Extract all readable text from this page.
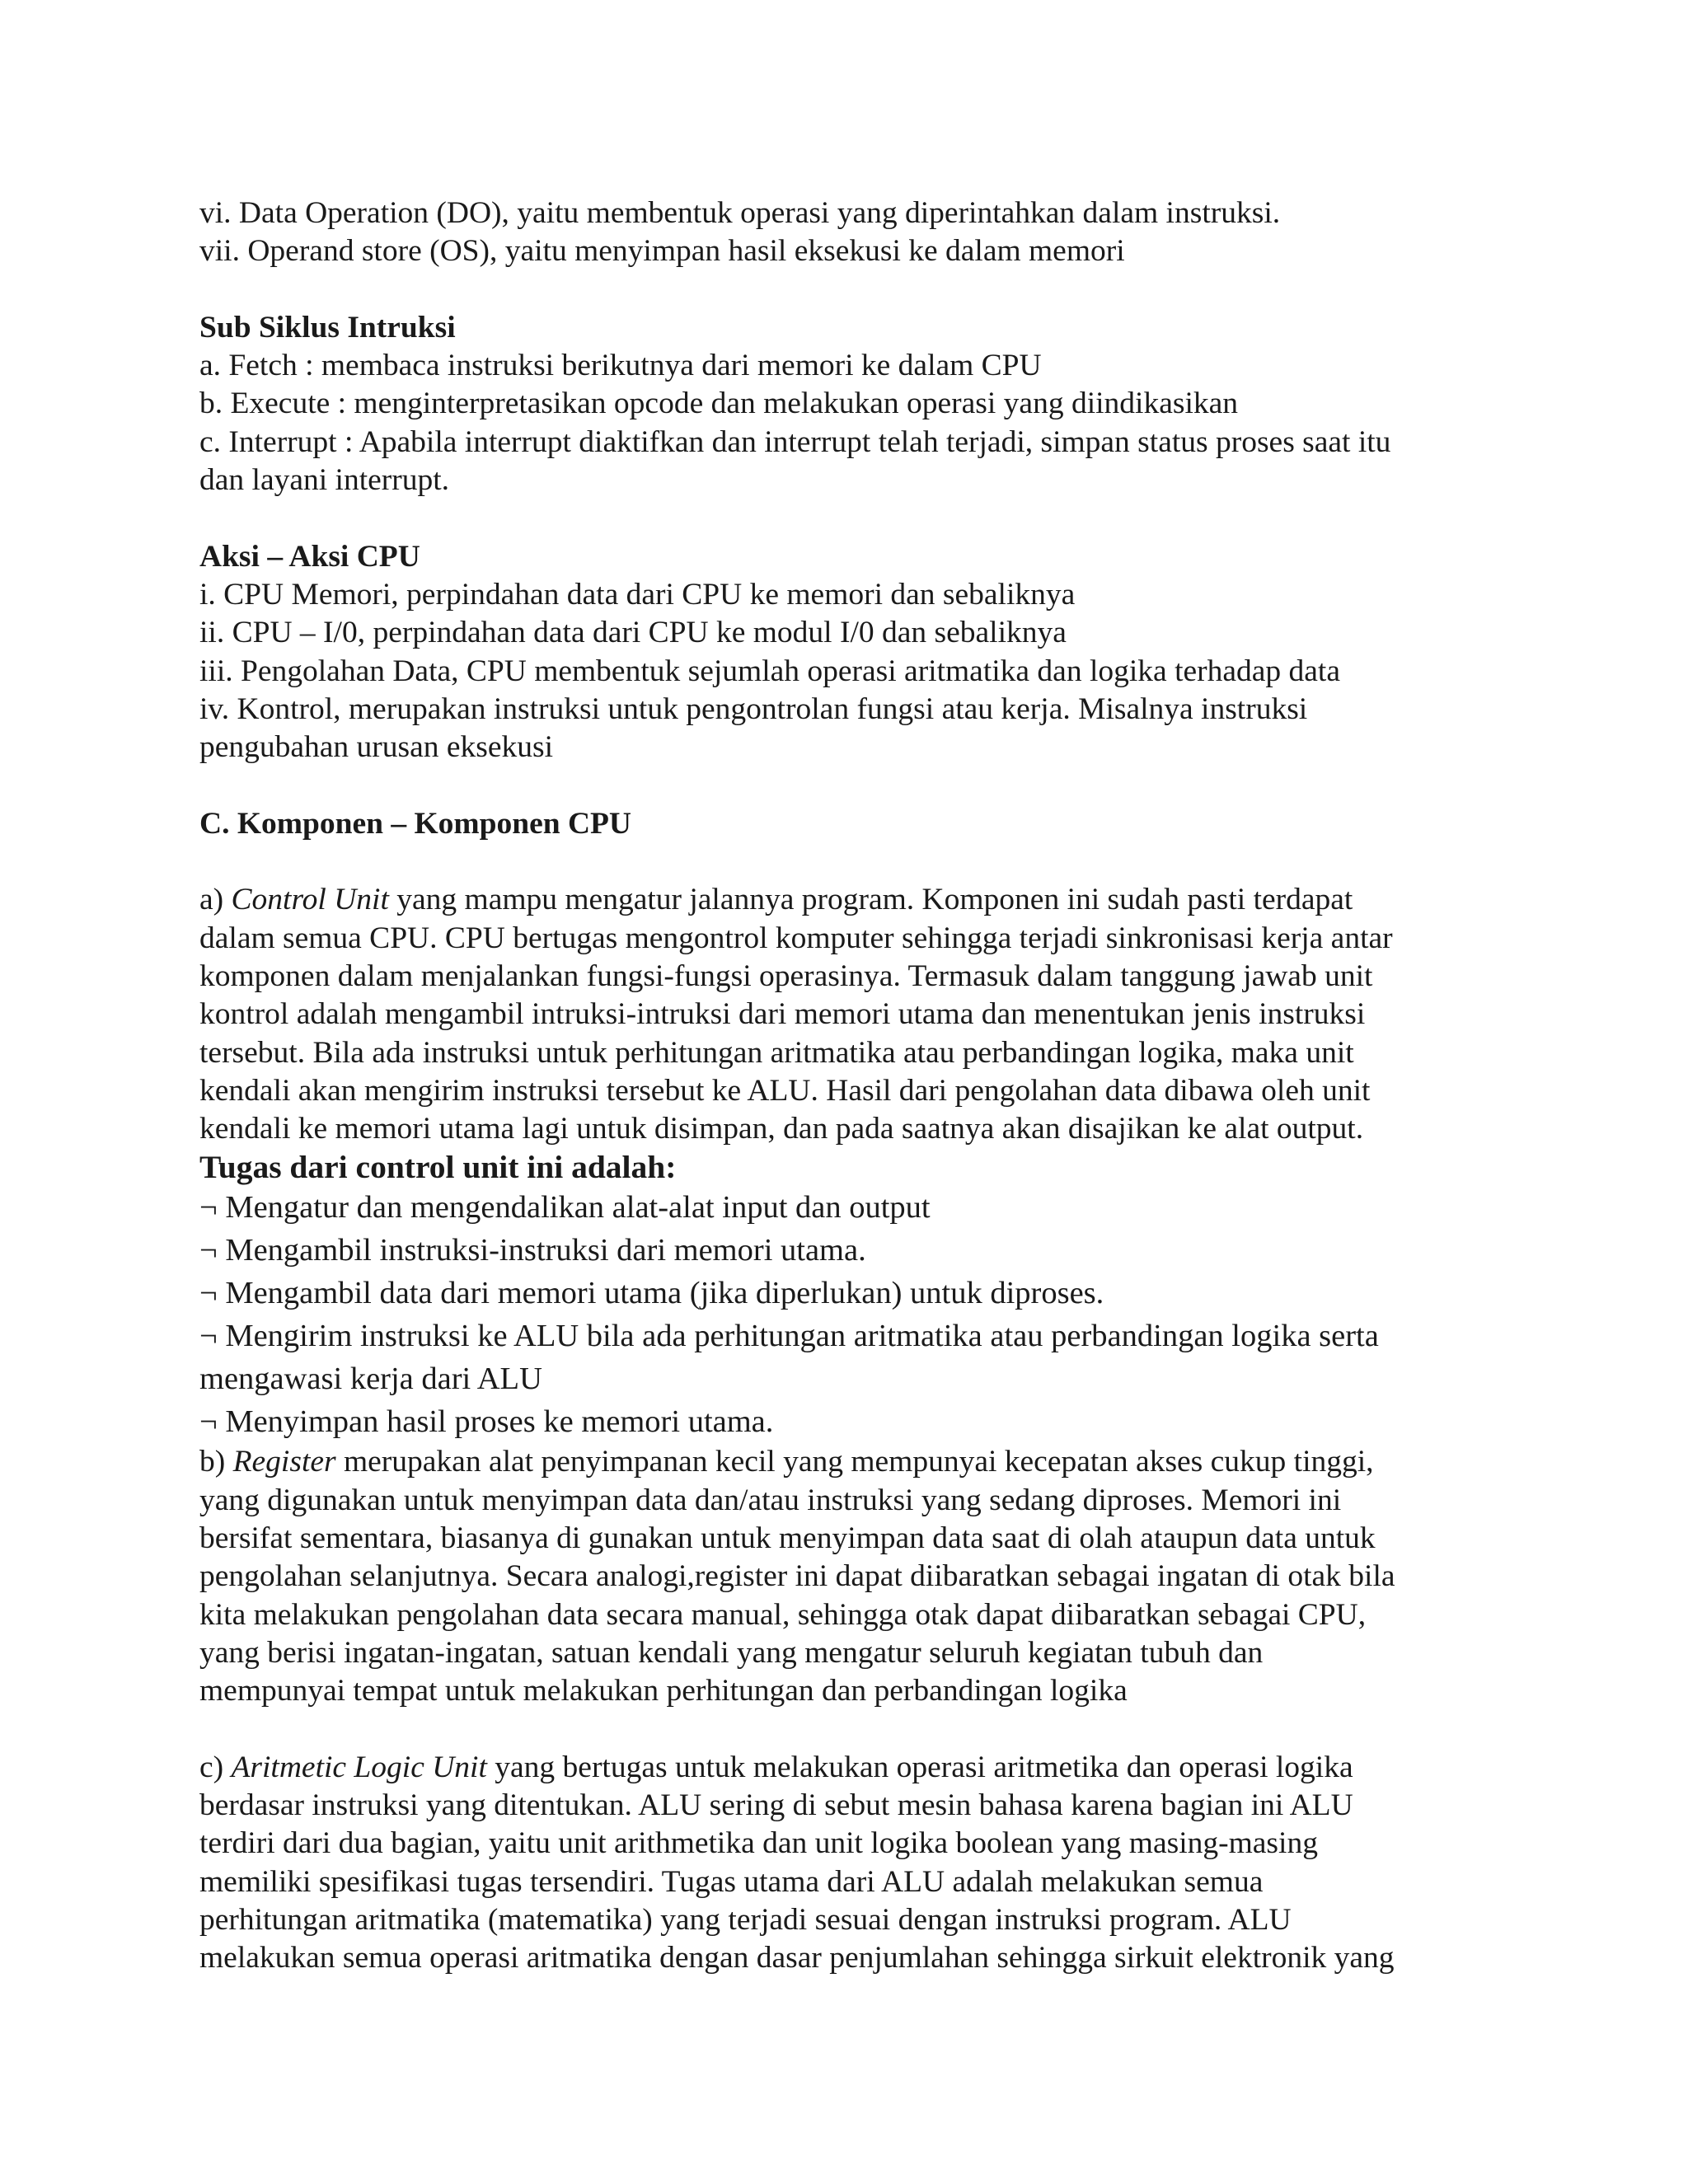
vi. Data Operation (DO), yaitu membentuk operasi yang diperintahkan dalam instruksi.

vii. Operand store (OS), yaitu menyimpan hasil eksekusi ke dalam memori

Sub Siklus Intruksi

a. Fetch : membaca instruksi berikutnya dari memori ke dalam CPU

b. Execute : menginterpretasikan opcode dan melakukan operasi yang diindikasikan

c. Interrupt : Apabila interrupt diaktifkan dan interrupt telah terjadi, simpan status proses saat itu

dan layani interrupt.

Aksi – Aksi CPU

i. CPU Memori, perpindahan data dari CPU ke memori dan sebaliknya

ii. CPU – I/0, perpindahan data dari CPU ke modul I/0 dan sebaliknya

iii. Pengolahan Data, CPU membentuk sejumlah operasi aritmatika dan logika terhadap data

iv. Kontrol, merupakan instruksi untuk pengontrolan fungsi atau kerja. Misalnya instruksi

pengubahan urusan eksekusi

C. Komponen – Komponen CPU

a) Control Unit yang mampu mengatur jalannya program. Komponen ini sudah pasti terdapat

dalam semua CPU. CPU bertugas mengontrol komputer sehingga terjadi sinkronisasi kerja antar

komponen dalam menjalankan fungsi-fungsi operasinya. Termasuk dalam tanggung jawab unit

kontrol adalah mengambil intruksi-intruksi dari memori utama dan menentukan jenis instruksi

tersebut. Bila ada instruksi untuk perhitungan aritmatika atau perbandingan logika, maka unit

kendali akan mengirim instruksi tersebut ke ALU. Hasil dari pengolahan data dibawa oleh unit

kendali ke memori utama lagi untuk disimpan, dan pada saatnya akan disajikan ke alat output.

Tugas dari control unit ini adalah:

¬ Mengatur dan mengendalikan alat-alat input dan output

¬ Mengambil instruksi-instruksi dari memori utama.

¬ Mengambil data dari memori utama (jika diperlukan) untuk diproses.

¬ Mengirim instruksi ke ALU bila ada perhitungan aritmatika atau perbandingan logika serta

mengawasi kerja dari ALU

¬ Menyimpan hasil proses ke memori utama.

b) Register merupakan alat penyimpanan kecil yang mempunyai kecepatan akses cukup tinggi,

yang digunakan untuk menyimpan data dan/atau instruksi yang sedang diproses. Memori ini

bersifat sementara, biasanya di gunakan untuk menyimpan data saat di olah ataupun data untuk

pengolahan selanjutnya. Secara analogi,register ini dapat diibaratkan sebagai ingatan di otak bila

kita melakukan pengolahan data secara manual, sehingga otak dapat diibaratkan sebagai CPU,

yang berisi ingatan-ingatan, satuan kendali yang mengatur seluruh kegiatan tubuh dan

mempunyai tempat untuk melakukan perhitungan dan perbandingan logika

c) Aritmetic Logic Unit yang bertugas untuk melakukan operasi aritmetika dan operasi logika

berdasar instruksi yang ditentukan. ALU sering di sebut mesin bahasa karena bagian ini ALU

terdiri dari dua bagian, yaitu unit arithmetika dan unit logika boolean yang masing-masing

memiliki spesifikasi tugas tersendiri. Tugas utama dari ALU adalah melakukan semua

perhitungan aritmatika (matematika) yang terjadi sesuai dengan instruksi program. ALU

melakukan semua operasi aritmatika dengan dasar penjumlahan sehingga sirkuit elektronik yang
